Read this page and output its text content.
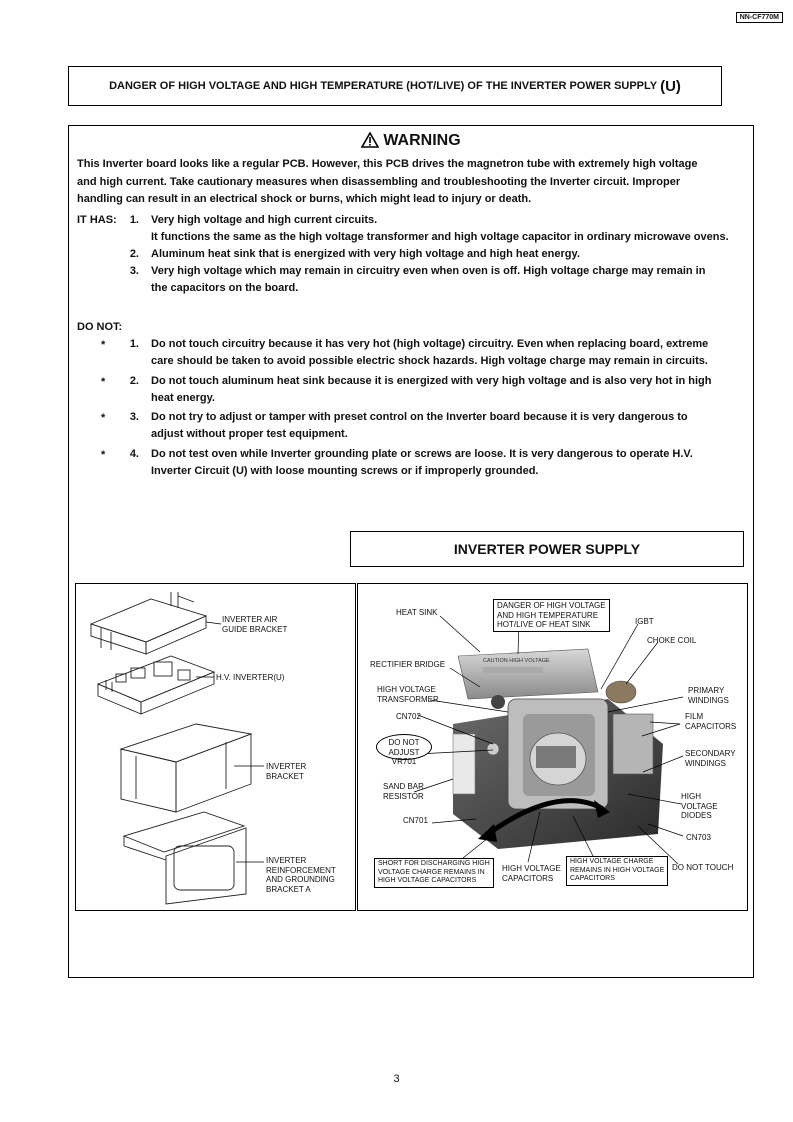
NN-CF770M
DANGER OF HIGH VOLTAGE AND HIGH TEMPERATURE (HOT/LIVE) OF THE INVERTER POWER SUPPLY (U)
WARNING
This Inverter board looks like a regular PCB. However, this PCB drives the magnetron tube with extremely high voltage
and high current. Take cautionary measures when disassembling and troubleshooting the Inverter circuit. Improper
handling can result in an electrical shock or burns, which might lead to injury or death.
IT HAS:	1. Very high voltage and high current circuits.
It functions the same as the high voltage transformer and high voltage capacitor in ordinary microwave ovens.
2. Aluminum heat sink that is energized with very high voltage and high heat energy.
3. Very high voltage which may remain in circuitry even when oven is off. High voltage charge may remain in
the capacitors on the board.
DO NOT:
*	1. Do not touch circuitry because it has very hot (high voltage) circuitry. Even when replacing board, extreme
care should be taken to avoid possible electric shock hazards. High voltage charge may remain in circuits.
*	2. Do not touch aluminum heat sink because it is energized with very high voltage and is also very hot in high
heat energy.
*	3. Do not try to adjust or tamper with preset control on the Inverter board because it is very dangerous to
adjust without proper test equipment.
*	4. Do not test oven while Inverter grounding plate or screws are loose. It is very dangerous to operate H.V.
Inverter Circuit (U) with loose mounting screws or if improperly grounded.
INVERTER POWER SUPPLY
INVERTER AIR
GUIDE BRACKET
H.V. INVERTER(U)
INVERTER
BRACKET
INVERTER
REINFORCEMENT
AND GROUNDING
BRACKET A
CAUTION HIGH VOLTAGE
HEAT SINK
DANGER OF HIGH VOLTAGE
AND HIGH TEMPERATURE
HOT/LIVE OF HEAT SINK	IGBT
CHOKE COIL
RECTIFIER BRIDGE
HIGH VOLTAGE
TRANSFORMER
PRIMARY
WINDINGS
CN702	FILM
CAPACITORS
DO NOT
ADJUST VR701
SECONDARY
WINDINGS
SAND BAR
RESISTOR	HIGH
VOLTAGE
DIODES
CN701
CN703
SHORT FOR DISCHARGING HIGH
VOLTAGE CHARGE REMAINS IN
HIGH VOLTAGE CAPACITORS
HIGH VOLTAGE
CAPACITORS
HIGH VOLTAGE CHARGE
REMAINS IN HIGH VOLTAGE
CAPACITORS
DO NOT TOUCH
3
